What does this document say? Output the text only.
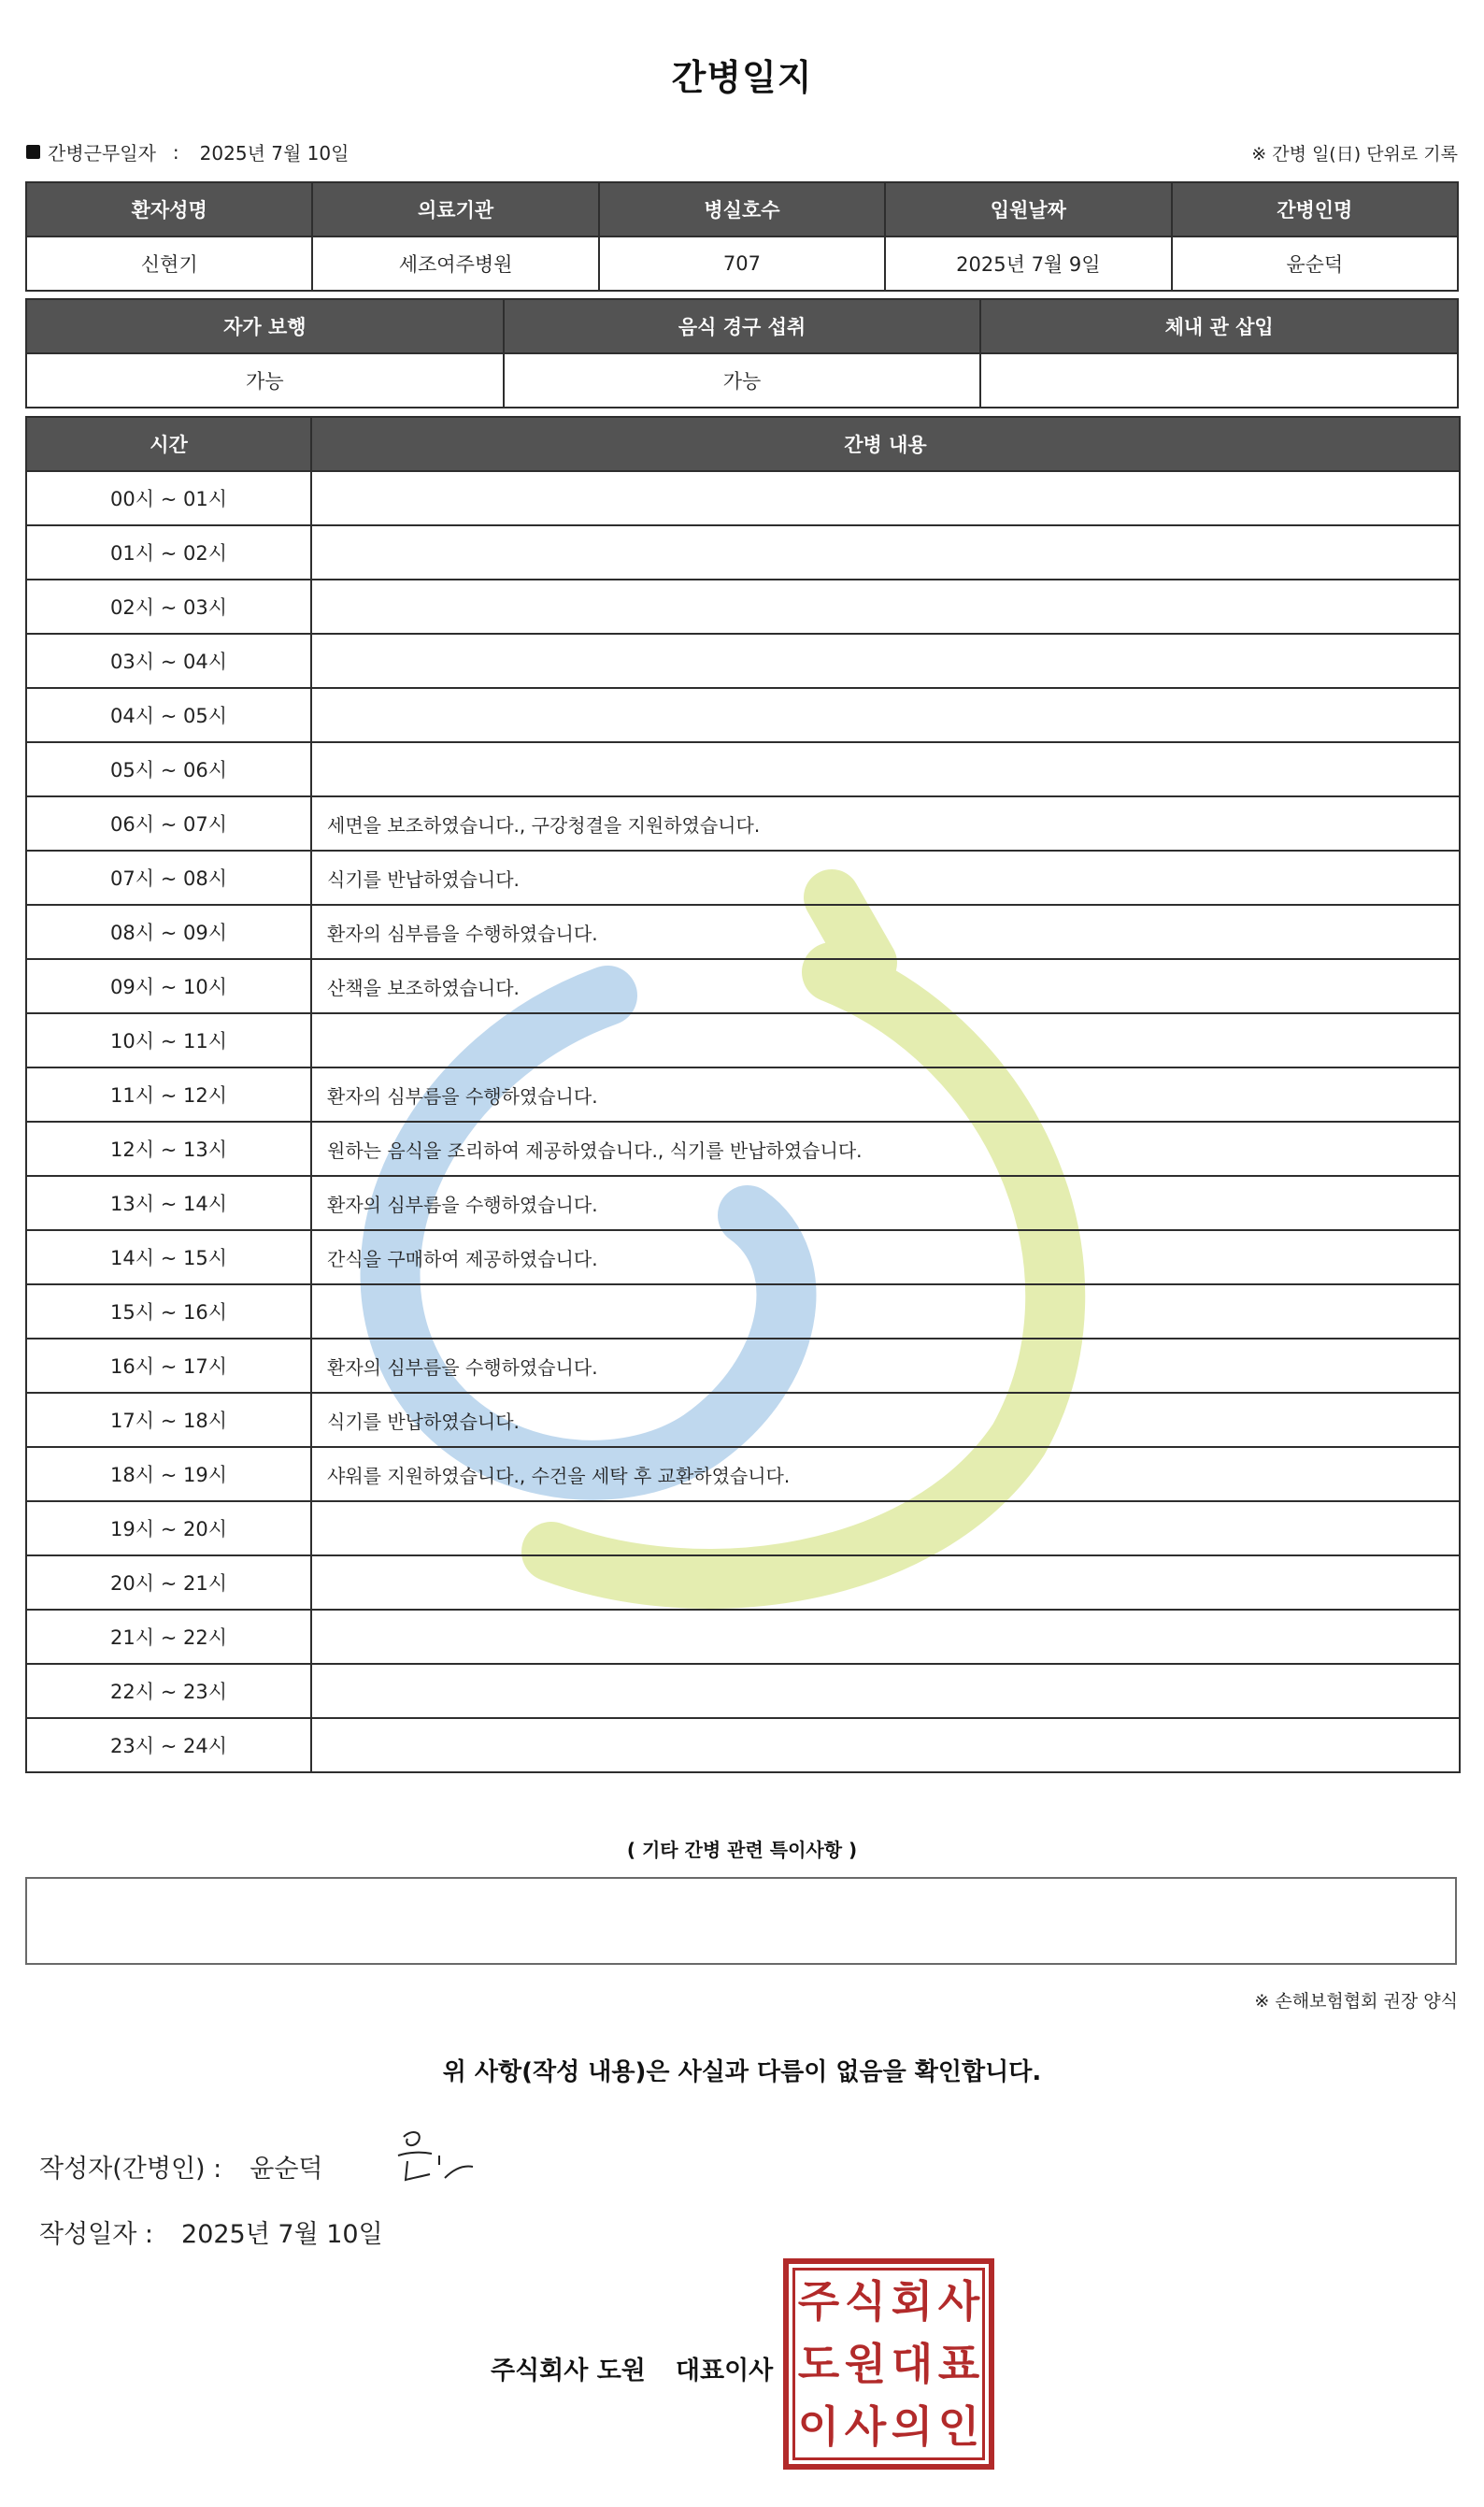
간병일지
간병근무일자 : 2025년 7월 10일	※ 간병 일(日) 단위로 기록
환자성명	의료기관	병실호수	입원날짜	간병인명
신현기	세조여주병원	707	2025년 7월 9일	윤순덕
자가 보행	음식 경구 섭취	체내 관 삽입
가능	가능	
시간	간병 내용
00시 ~ 01시	
01시 ~ 02시	
02시 ~ 03시	
03시 ~ 04시	
04시 ~ 05시	
05시 ~ 06시	
06시 ~ 07시	세면을 보조하였습니다., 구강청결을 지원하였습니다.
07시 ~ 08시	식기를 반납하였습니다.
08시 ~ 09시	환자의 심부름을 수행하였습니다.
09시 ~ 10시	산책을 보조하였습니다.
10시 ~ 11시	
11시 ~ 12시	환자의 심부름을 수행하였습니다.
12시 ~ 13시	원하는 음식을 조리하여 제공하였습니다., 식기를 반납하였습니다.
13시 ~ 14시	환자의 심부름을 수행하였습니다.
14시 ~ 15시	간식을 구매하여 제공하였습니다.
15시 ~ 16시	
16시 ~ 17시	환자의 심부름을 수행하였습니다.
17시 ~ 18시	식기를 반납하였습니다.
18시 ~ 19시	샤워를 지원하였습니다., 수건을 세탁 후 교환하였습니다.
19시 ~ 20시	
20시 ~ 21시	
21시 ~ 22시	
22시 ~ 23시	
23시 ~ 24시	
( 기타 간병 관련 특이사항 )
※ 손해보험협회 권장 양식
위 사항(작성 내용)은 사실과 다름이 없음을 확인합니다.
작성자(간병인) : 윤순덕
작성일자 : 2025년 7월 10일
주식회사 도원 대표이사
주 식 회 사
도 원 대 표
이 사 의 인
